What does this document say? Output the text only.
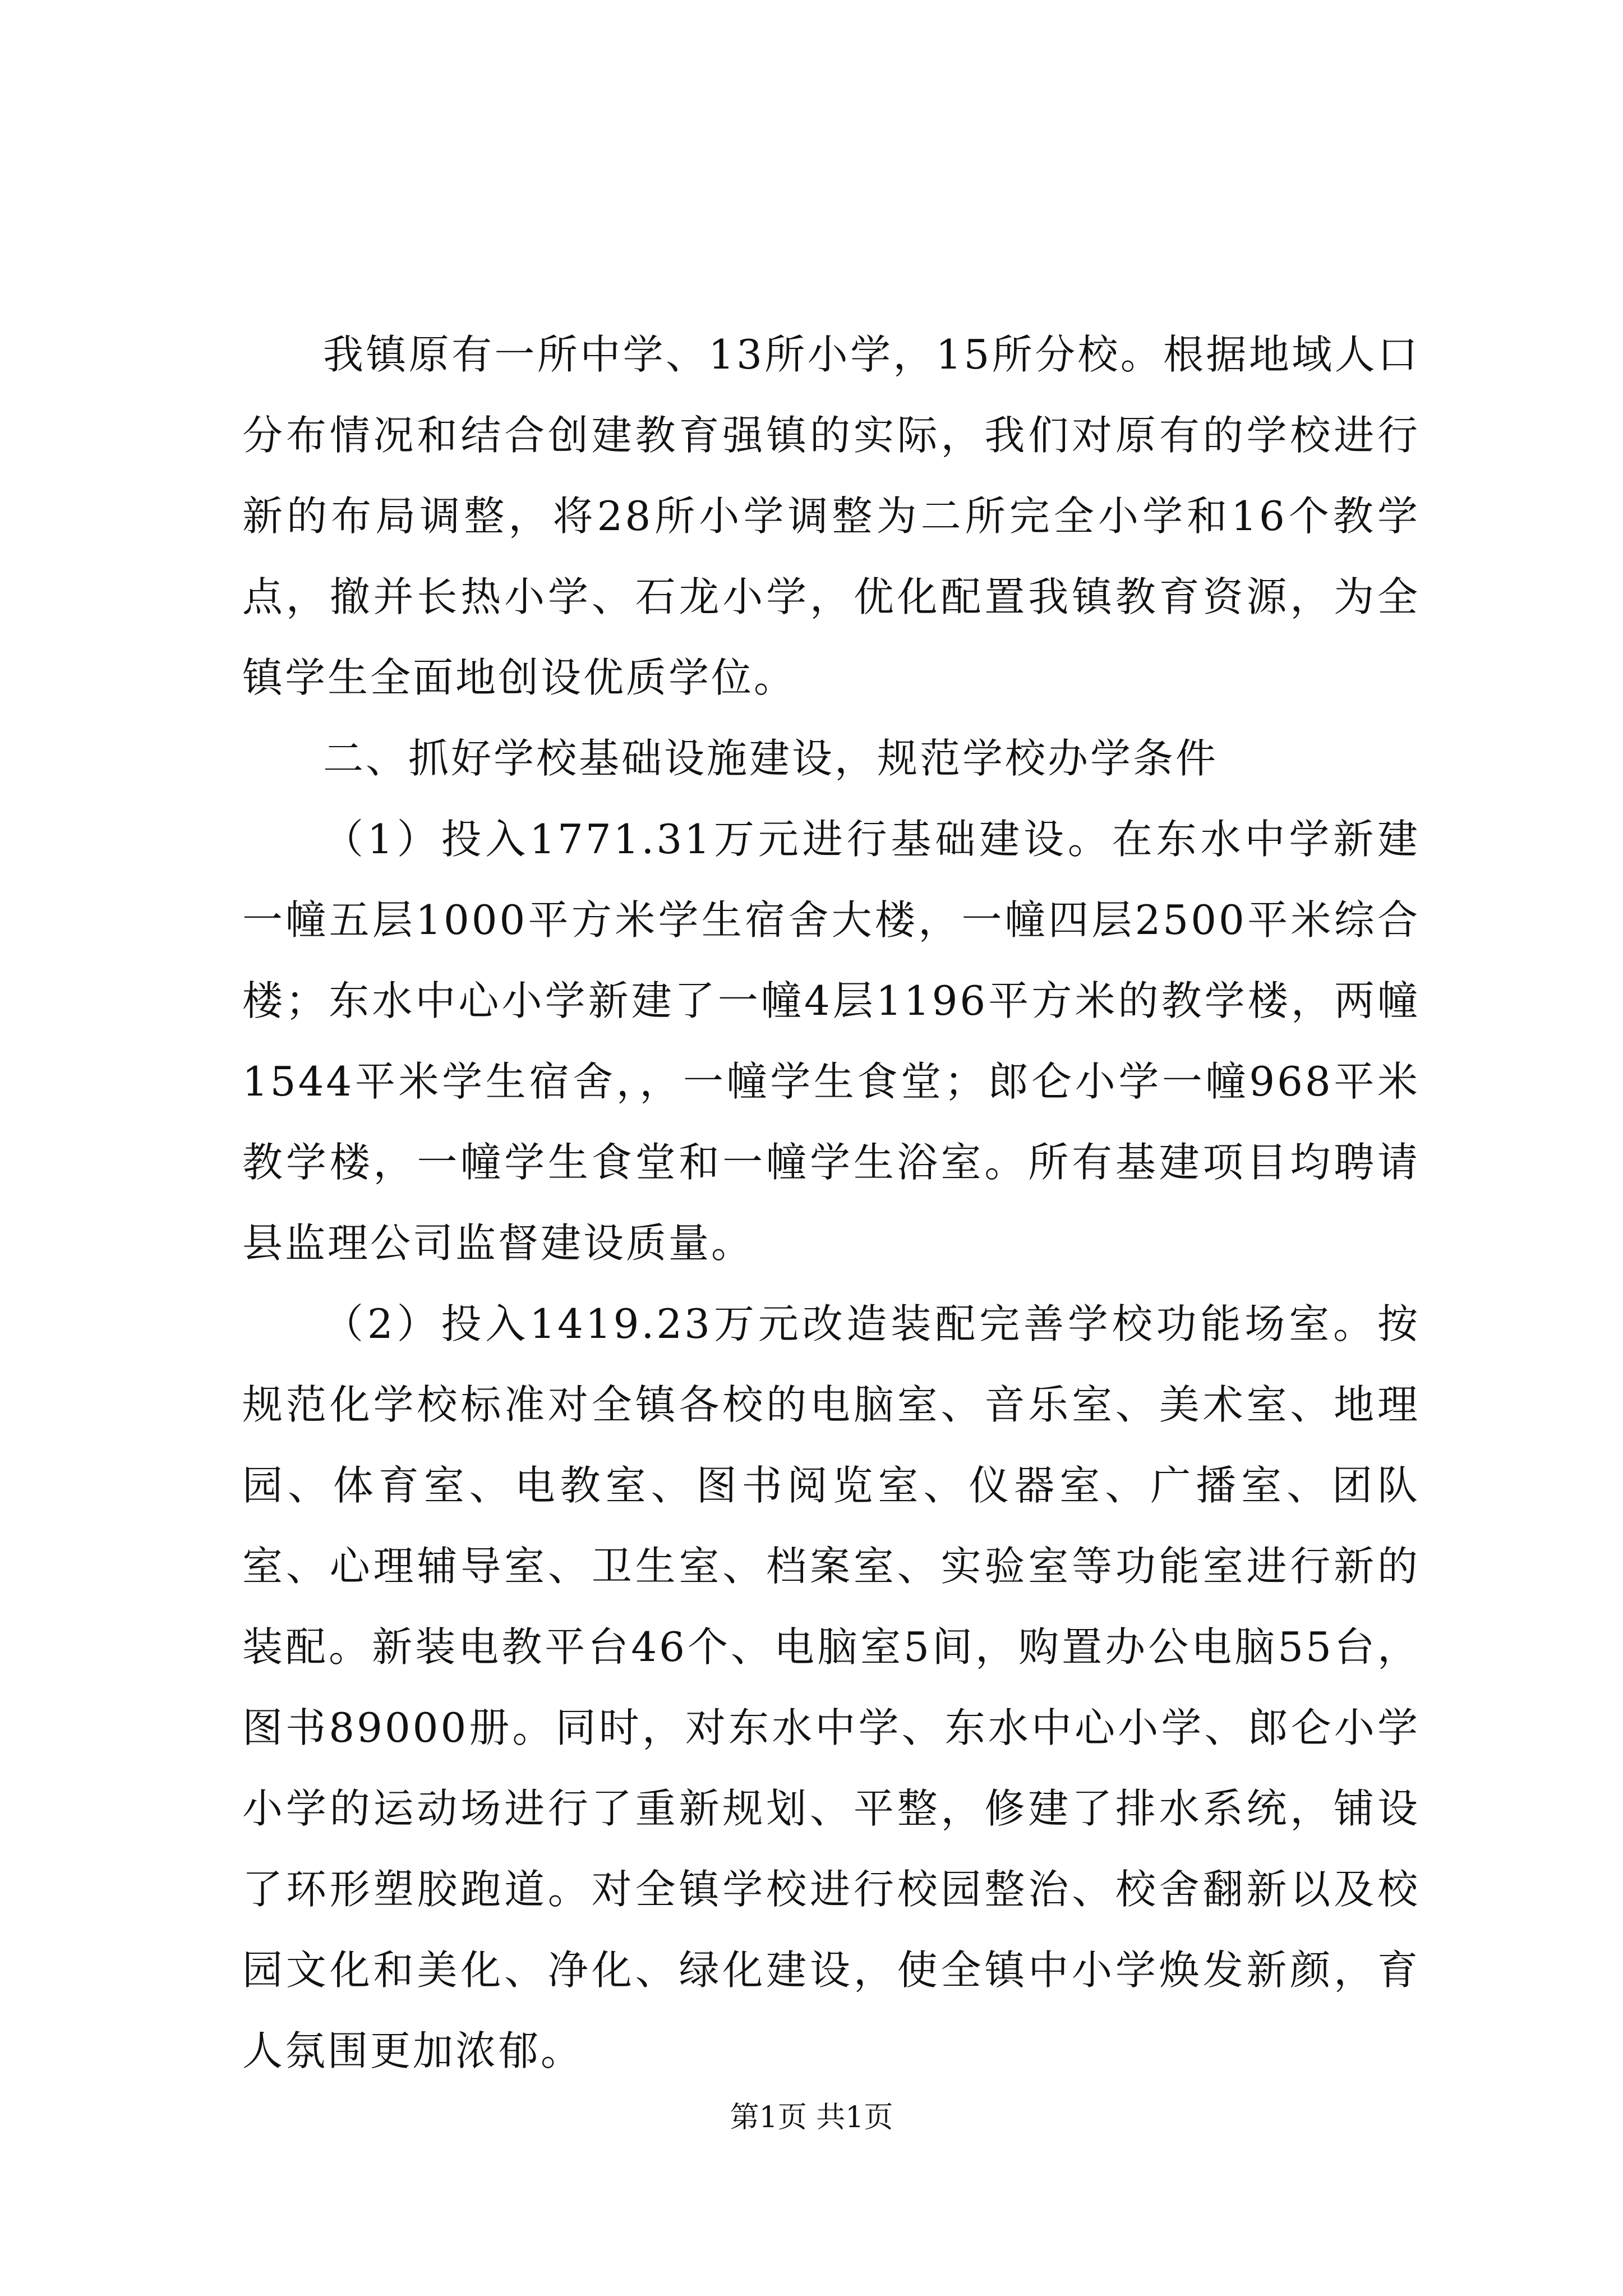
我镇原有一所中学、13所小学，15所分校。根据地域人口分布情况和结合创建教育强镇的实际，我们对原有的学校进行新的布局调整，将28所小学调整为二所完全小学和16个教学点，撤并长热小学、石龙小学，优化配置我镇教育资源，为全镇学生全面地创设优质学位。

二、抓好学校基础设施建设，规范学校办学条件

（1）投入1771.31万元进行基础建设。在东水中学新建一幢五层1000平方米学生宿舍大楼，一幢四层2500平米综合楼；东水中心小学新建了一幢4层1196平方米的教学楼，两幢1544平米学生宿舍，，一幢学生食堂；郎仑小学一幢968平米教学楼，一幢学生食堂和一幢学生浴室。所有基建项目均聘请县监理公司监督建设质量。

（2）投入1419.23万元改造装配完善学校功能场室。按规范化学校标准对全镇各校的电脑室、音乐室、美术室、地理园、体育室、电教室、图书阅览室、仪器室、广播室、团队室、心理辅导室、卫生室、档案室、实验室等功能室进行新的装配。新装电教平台46个、电脑室5间，购置办公电脑55台，图书89000册。同时，对东水中学、东水中心小学、郎仑小学小学的运动场进行了重新规划、平整，修建了排水系统，铺设了环形塑胶跑道。对全镇学校进行校园整治、校舍翻新以及校园文化和美化、净化、绿化建设，使全镇中小学焕发新颜，育人氛围更加浓郁。

第1页 共1页
